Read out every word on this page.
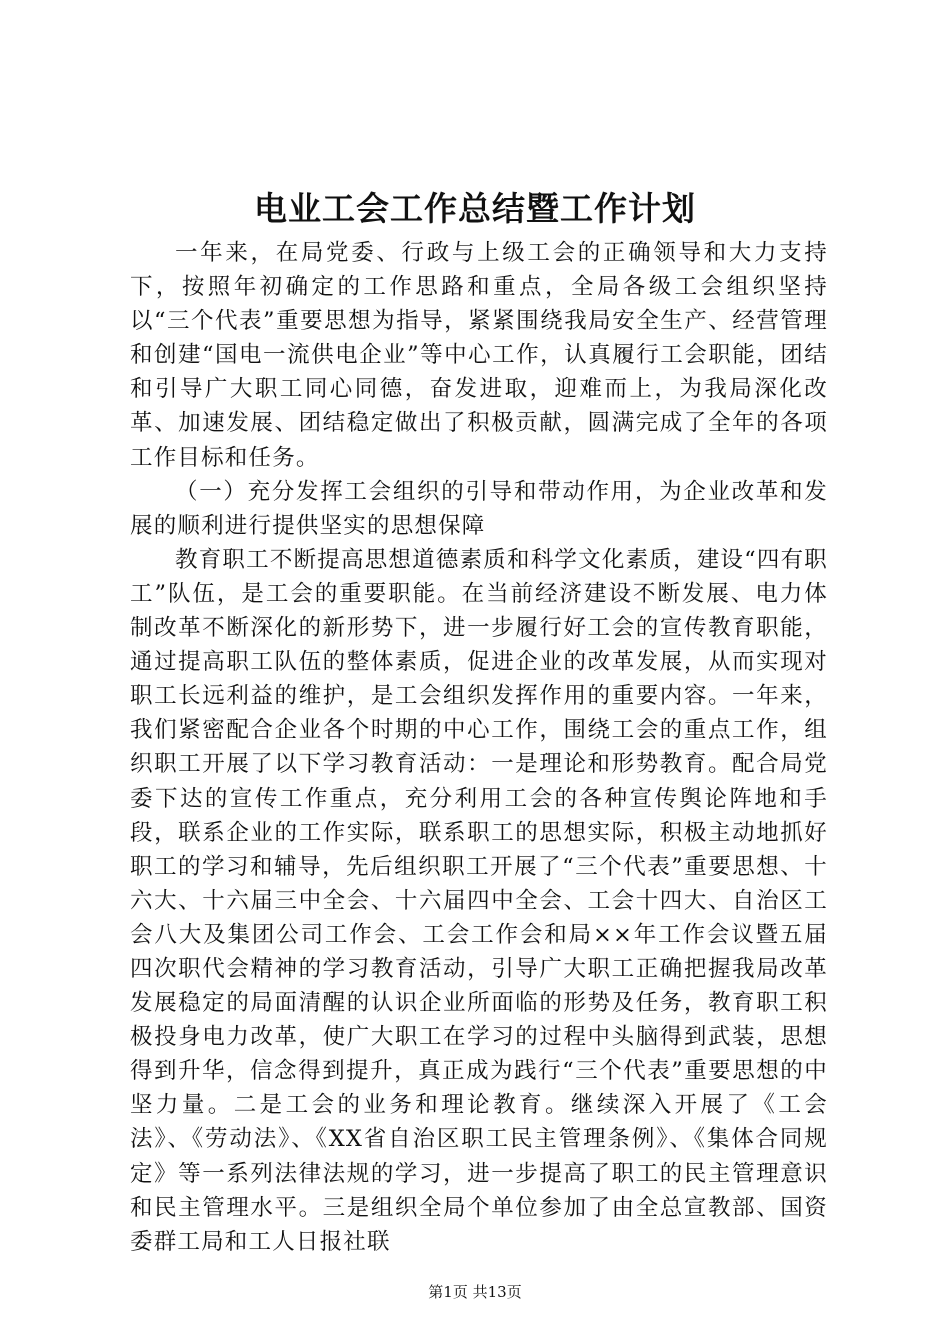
电业工会工作总结暨工作计划

一年来，在局党委、行政与上级工会的正确领导和大力支持下，按照年初确定的工作思路和重点，全局各级工会组织坚持以“三个代表”重要思想为指导，紧紧围绕我局安全生产、经营管理和创建“国电一流供电企业”等中心工作，认真履行工会职能，团结和引导广大职工同心同德，奋发进取，迎难而上，为我局深化改革、加速发展、团结稳定做出了积极贡献，圆满完成了全年的各项工作目标和任务。

（一）充分发挥工会组织的引导和带动作用，为企业改革和发展的顺利进行提供坚实的思想保障

教育职工不断提高思想道德素质和科学文化素质，建设“四有职工”队伍，是工会的重要职能。在当前经济建设不断发展、电力体制改革不断深化的新形势下，进一步履行好工会的宣传教育职能，通过提高职工队伍的整体素质，促进企业的改革发展，从而实现对职工长远利益的维护，是工会组织发挥作用的重要内容。一年来，我们紧密配合企业各个时期的中心工作，围绕工会的重点工作，组织职工开展了以下学习教育活动：一是理论和形势教育。配合局党委下达的宣传工作重点，充分利用工会的各种宣传舆论阵地和手段，联系企业的工作实际，联系职工的思想实际，积极主动地抓好职工的学习和辅导，先后组织职工开展了“三个代表”重要思想、十六大、十六届三中全会、十六届四中全会、工会十四大、自治区工会八大及集团公司工作会、工会工作会和局××年工作会议暨五届四次职代会精神的学习教育活动，引导广大职工正确把握我局改革发展稳定的局面清醒的认识企业所面临的形势及任务，教育职工积极投身电力改革，使广大职工在学习的过程中头脑得到武装，思想得到升华，信念得到提升，真正成为践行“三个代表”重要思想的中坚力量。二是工会的业务和理论教育。继续深入开展了《工会法》、《劳动法》、《XX省自治区职工民主管理条例》、《集体合同规定》等一系列法律法规的学习，进一步提高了职工的民主管理意识和民主管理水平。三是组织全局个单位参加了由全总宣教部、国资委群工局和工人日报社联

第1页 共13页
